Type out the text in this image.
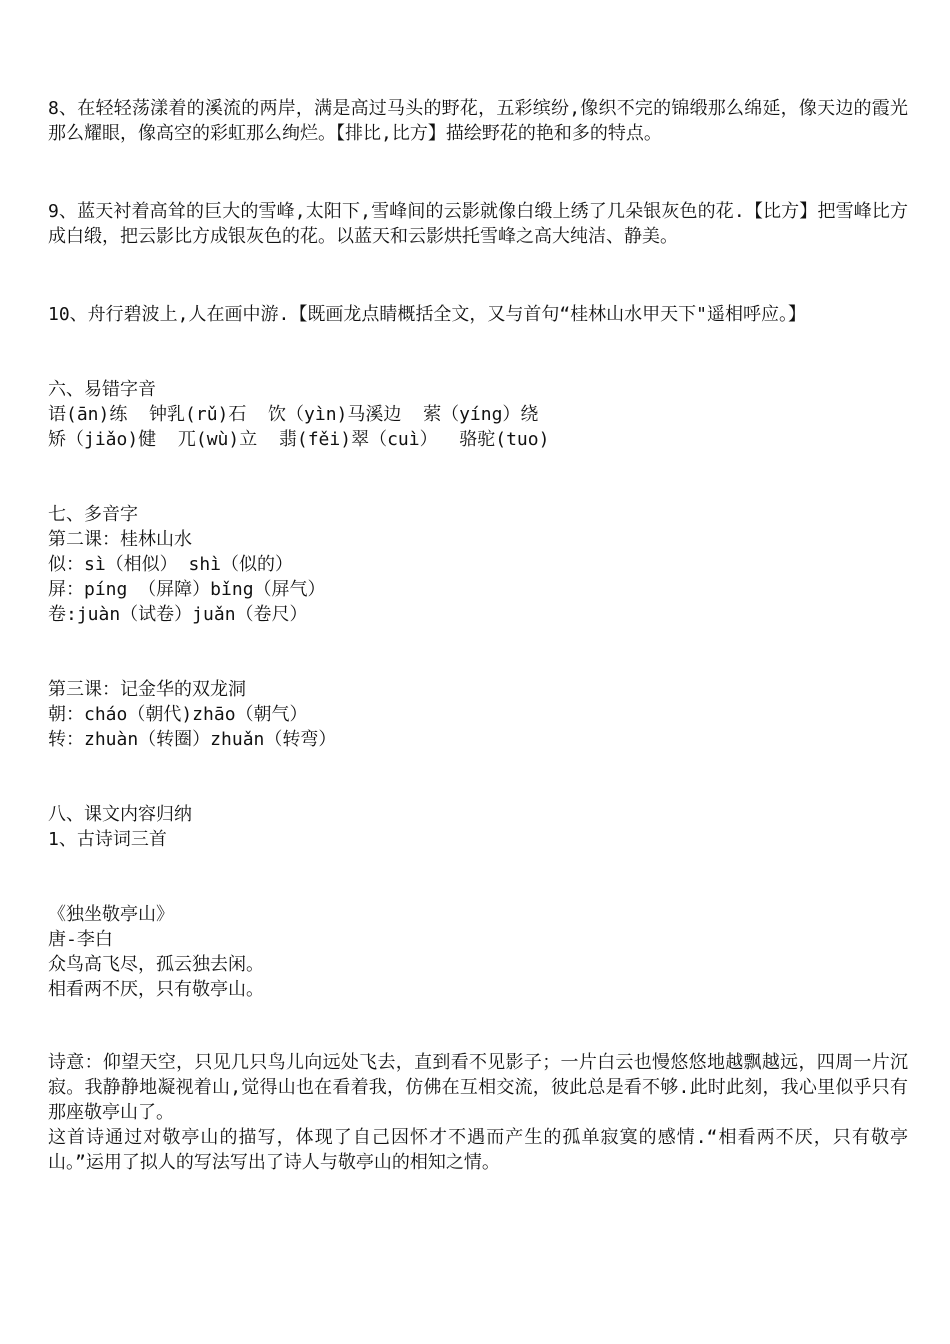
8、在轻轻荡漾着的溪流的两岸，满是高过马头的野花，五彩缤纷,像织不完的锦缎那么绵延，像天边的霞光那么耀眼，像高空的彩虹那么绚烂。【排比,比方】描绘野花的艳和多的特点。
9、蓝天衬着高耸的巨大的雪峰,太阳下,雪峰间的云影就像白缎上绣了几朵银灰色的花.【比方】把雪峰比方成白缎，把云影比方成银灰色的花。以蓝天和云影烘托雪峰之高大纯洁、静美。
10、舟行碧波上,人在画中游.【既画龙点睛概括全文，又与首句“桂林山水甲天下"遥相呼应。】
六、易错字音
语(ān)练  钟乳(rǔ)石  饮（yìn)马溪边  萦（yíng）绕
矫（jiǎo)健  兀(wù)立  翡(fěi)翠（cuì）  骆驼(tuo)
七、多音字
第二课：桂林山水
似：sì（相似） shì（似的）
屏：píng （屏障）bǐng（屏气）
卷:juàn（试卷）juǎn（卷尺）
第三课：记金华的双龙洞
朝：cháo（朝代)zhāo（朝气）
转：zhuàn（转圈）zhuǎn（转弯）
八、课文内容归纳
1、古诗词三首
《独坐敬亭山》
唐-李白
众鸟高飞尽，孤云独去闲。
相看两不厌，只有敬亭山。
诗意：仰望天空，只见几只鸟儿向远处飞去，直到看不见影子；一片白云也慢悠悠地越飘越远，四周一片沉寂。我静静地凝视着山,觉得山也在看着我，仿佛在互相交流，彼此总是看不够.此时此刻，我心里似乎只有那座敬亭山了。
这首诗通过对敬亭山的描写，体现了自己因怀才不遇而产生的孤单寂寞的感情.“相看两不厌，只有敬亭山。”运用了拟人的写法写出了诗人与敬亭山的相知之情。
